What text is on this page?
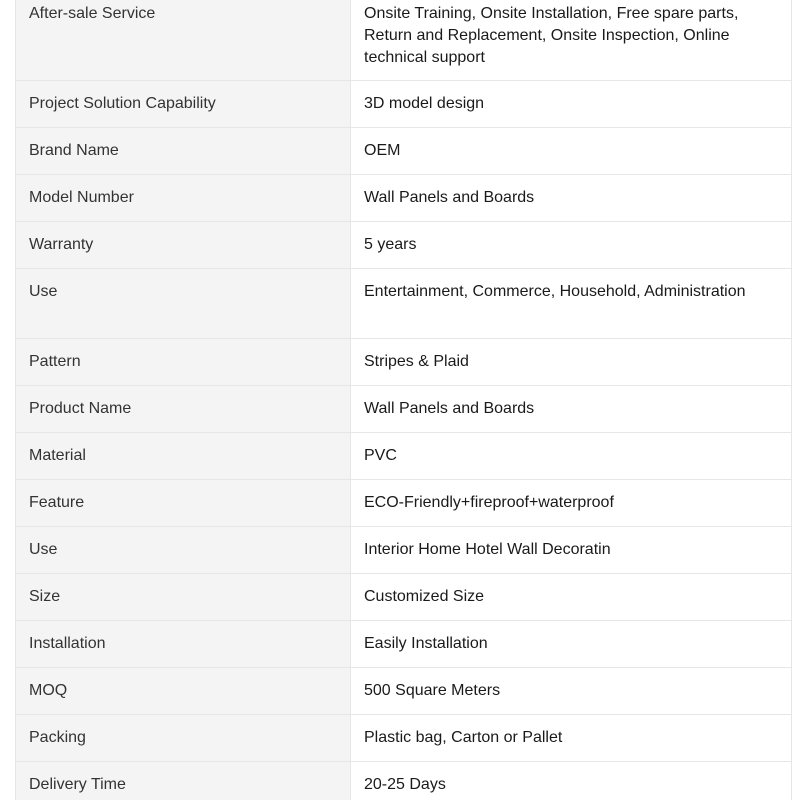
After-sale Service	Onsite Training, Onsite Installation, Free spare parts, Return and Replacement, Onsite Inspection, Online technical support
Project Solution Capability	3D model design
Brand Name	OEM
Model Number	Wall Panels and Boards
Warranty	5 years
Use	Entertainment, Commerce, Household, Administration
Pattern	Stripes & Plaid
Product Name	Wall Panels and Boards
Material	PVC
Feature	ECO-Friendly+fireproof+waterproof
Use	Interior Home Hotel Wall Decoratin
Size	Customized Size
Installation	Easily Installation
MOQ	500 Square Meters
Packing	Plastic bag, Carton or Pallet
Delivery Time	20-25 Days
